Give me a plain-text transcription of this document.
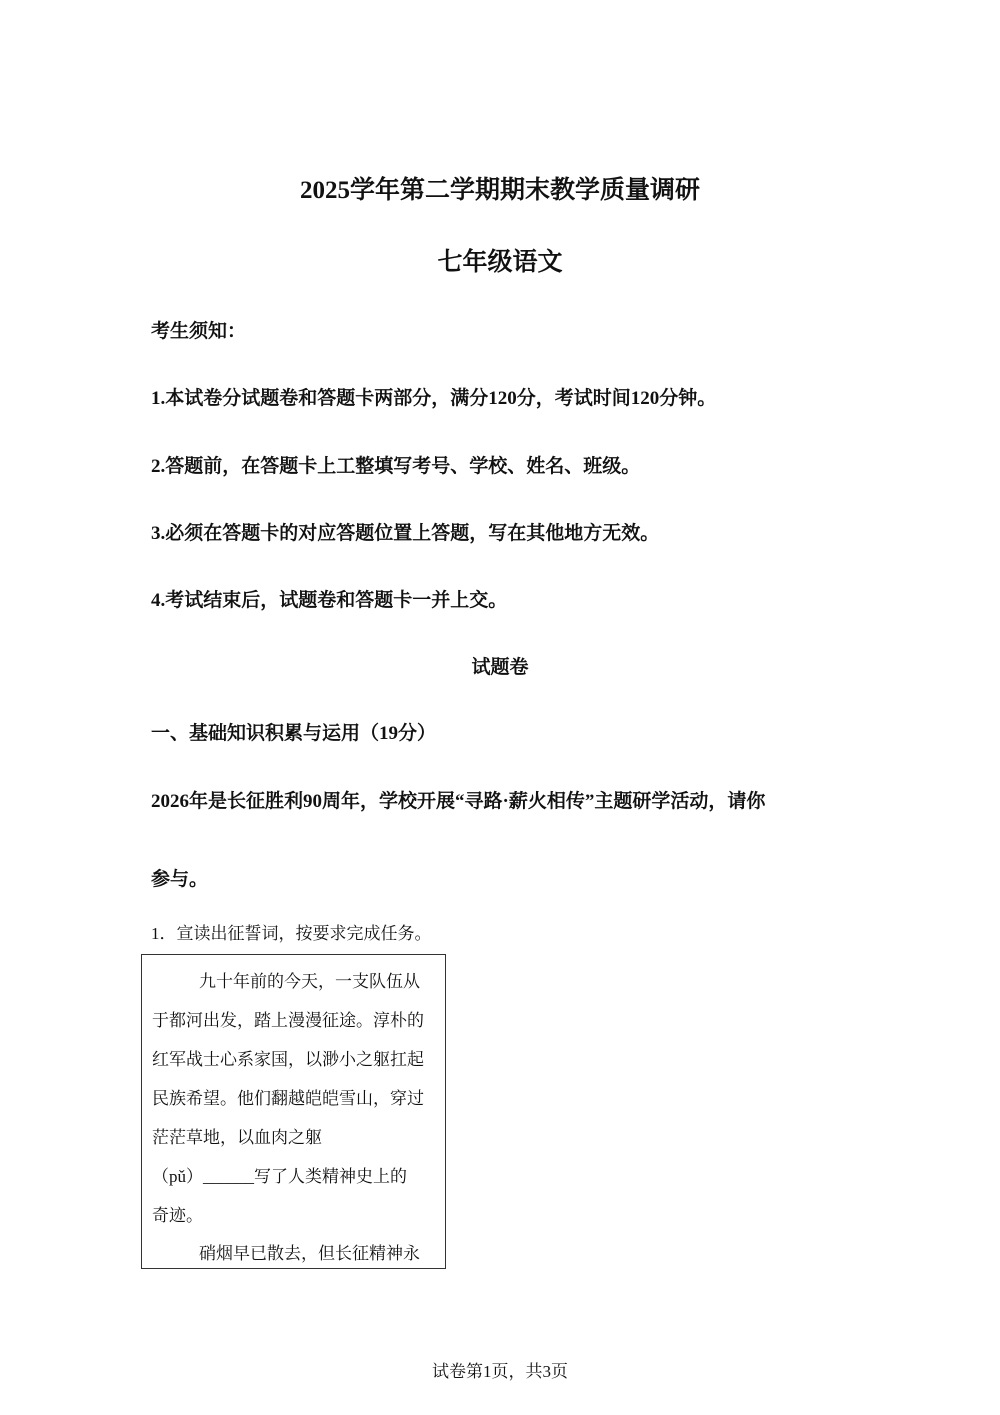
2025学年第二学期期末教学质量调研
七年级语文
考生须知：
1.本试卷分试题卷和答题卡两部分，满分120分，考试时间120分钟。
2.答题前，在答题卡上工整填写考号、学校、姓名、班级。
3.必须在答题卡的对应答题位置上答题，写在其他地方无效。
4.考试结束后，试题卷和答题卡一并上交。
试题卷
一、基础知识积累与运用（19分）
2026年是长征胜利90周年，学校开展“寻路·薪火相传”主题研学活动，请你
参与。
1．宣读出征誓词，按要求完成任务。
九十年前的今天，一支队伍从
于都河出发，踏上漫漫征途。淳朴的
红军战士心系家国，以渺小之躯扛起
民族希望。他们翻越皑皑雪山，穿过
茫茫草地，以血肉之躯
（pǔ）______写了人类精神史上的
奇迹。
硝烟早已散去，但长征精神永
试卷第1页，共3页
